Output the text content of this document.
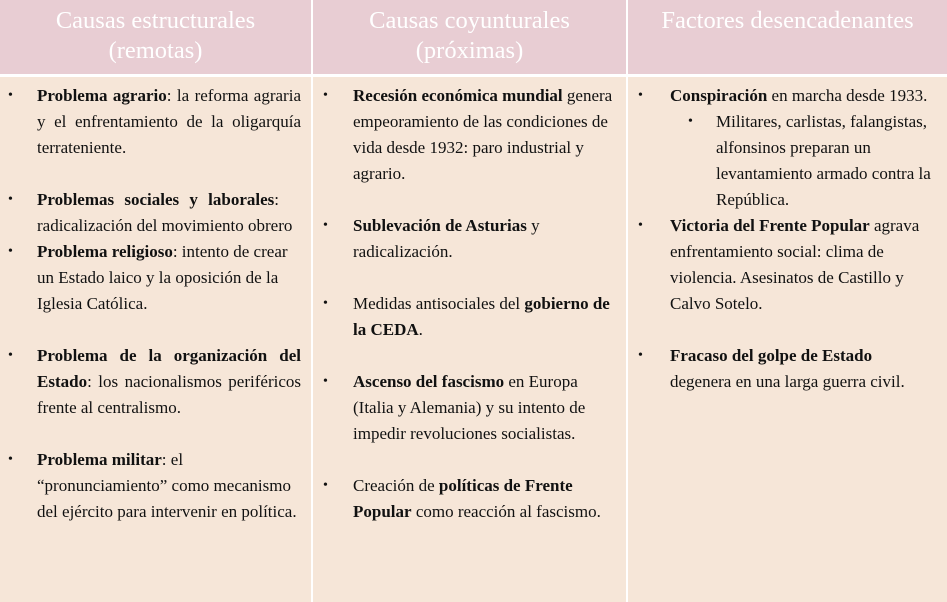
Causas estructurales
(remotas)
Causas coyunturales
(próximas)
Factores desencadenantes
• Problema agrario: la reforma agraria y el enfrentamiento de la oligarquía terrateniente.
• Problemas sociales y laborales: radicalización del movimiento obrero
• Problema religioso: intento de crear un Estado laico y la oposición de la Iglesia Católica.
• Problema de la organización del Estado: los nacionalismos periféricos frente al centralismo.
• Problema militar: el “pronunciamiento” como mecanismo del ejército para intervenir en política.
• Recesión económica mundial genera empeoramiento de las condiciones de vida desde 1932: paro industrial y agrario.
• Sublevación de Asturias y radicalización.
• Medidas antisociales del gobierno de la CEDA.
• Ascenso del fascismo en Europa (Italia y Alemania) y su intento de impedir revoluciones socialistas.
• Creación de políticas de Frente Popular como reacción al fascismo.
• Conspiración en marcha desde 1933.
• Militares, carlistas, falangistas, alfonsinos preparan un levantamiento armado contra la República.
• Victoria del Frente Popular agrava enfrentamiento social: clima de violencia. Asesinatos de Castillo y Calvo Sotelo.
• Fracaso del golpe de Estado degenera en una larga guerra civil.
